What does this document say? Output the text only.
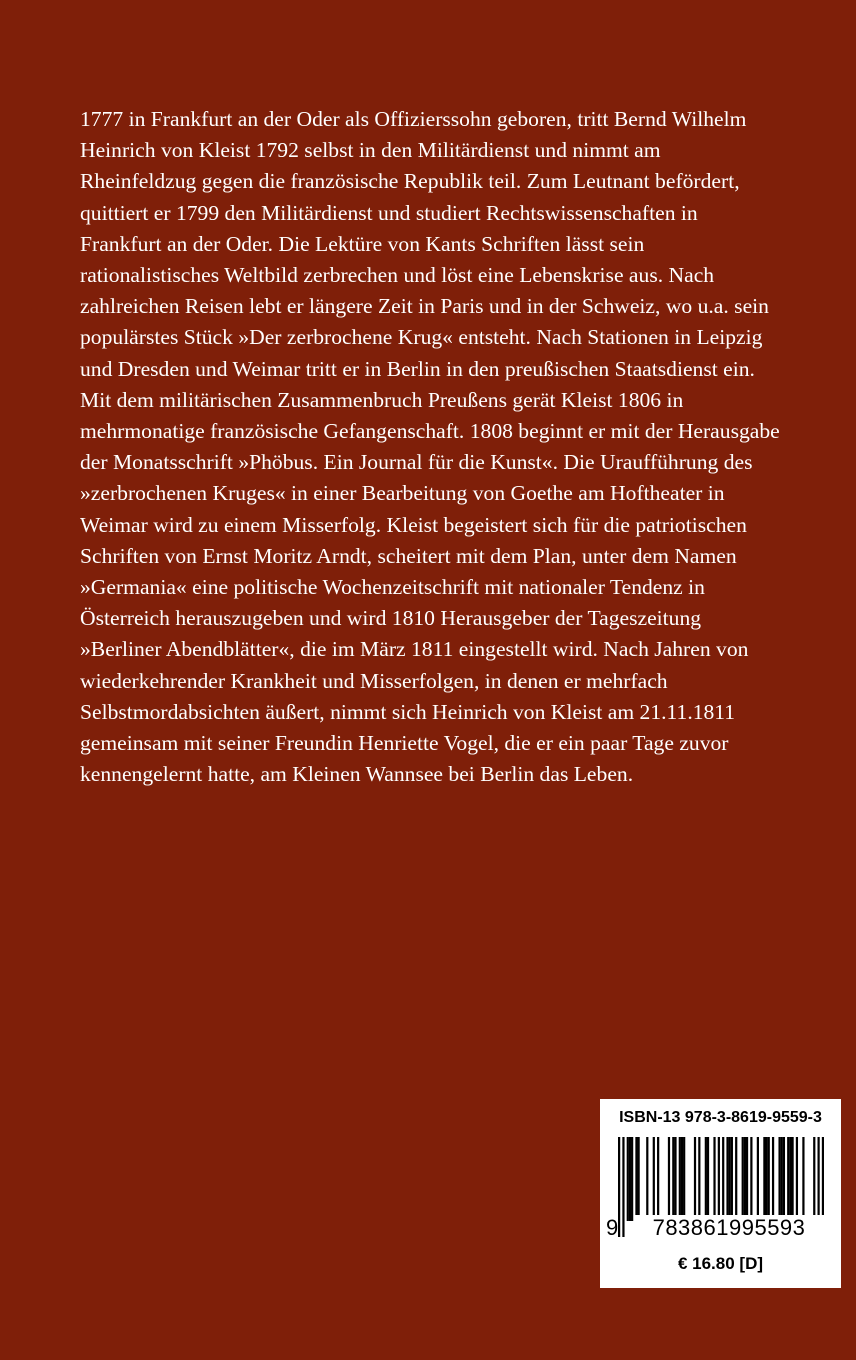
1777 in Frankfurt an der Oder als Offizierssohn geboren, tritt Bernd Wilhelm
Heinrich von Kleist 1792 selbst in den Militärdienst und nimmt am
Rheinfeldzug gegen die französische Republik teil. Zum Leutnant befördert,
quittiert er 1799 den Militärdienst und studiert Rechtswissenschaften in
Frankfurt an der Oder. Die Lektüre von Kants Schriften lässt sein
rationalistisches Weltbild zerbrechen und löst eine Lebenskrise aus. Nach
zahlreichen Reisen lebt er längere Zeit in Paris und in der Schweiz, wo u.a. sein
populärstes Stück »Der zerbrochene Krug« entsteht. Nach Stationen in Leipzig
und Dresden und Weimar tritt er in Berlin in den preußischen Staatsdienst ein.
Mit dem militärischen Zusammenbruch Preußens gerät Kleist 1806 in
mehrmonatige französische Gefangenschaft. 1808 beginnt er mit der Herausgabe
der Monatsschrift »Phöbus. Ein Journal für die Kunst«. Die Uraufführung des
»zerbrochenen Kruges« in einer Bearbeitung von Goethe am Hoftheater in
Weimar wird zu einem Misserfolg. Kleist begeistert sich für die patriotischen
Schriften von Ernst Moritz Arndt, scheitert mit dem Plan, unter dem Namen
»Germania« eine politische Wochenzeitschrift mit nationaler Tendenz in
Österreich herauszugeben und wird 1810 Herausgeber der Tageszeitung
»Berliner Abendblätter«, die im März 1811 eingestellt wird. Nach Jahren von
wiederkehrender Krankheit und Misserfolgen, in denen er mehrfach
Selbstmordabsichten äußert, nimmt sich Heinrich von Kleist am 21.11.1811
gemeinsam mit seiner Freundin Henriette Vogel, die er ein paar Tage zuvor
kennengelernt hatte, am Kleinen Wannsee bei Berlin das Leben.
ISBN-13 978-3-8619-9559-3
9	783861995593
€ 16.80 [D]
